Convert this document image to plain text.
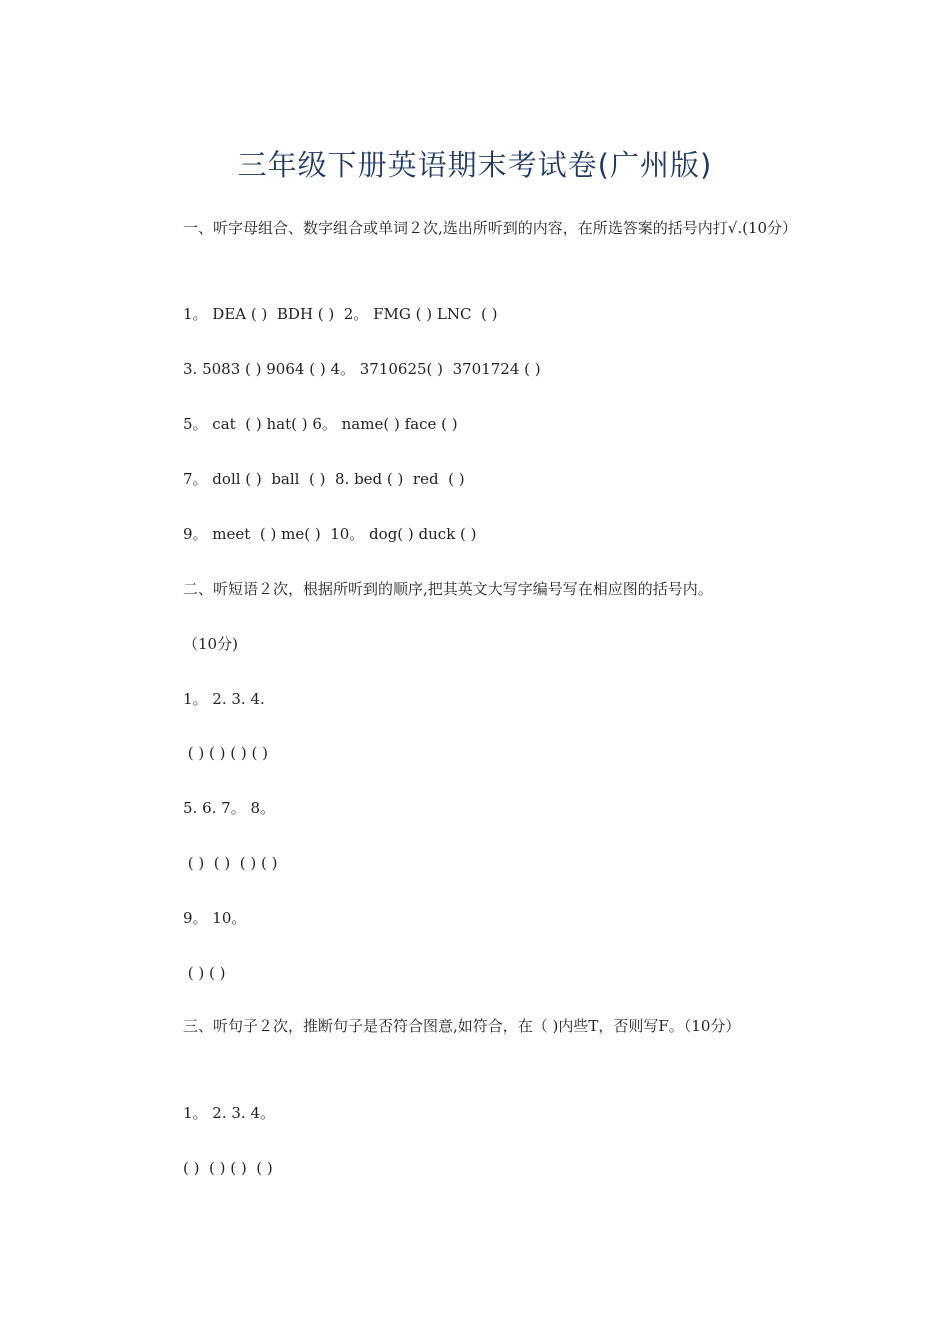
三年级下册英语期末考试卷(广州版)
一、听字母组合、数字组合或单词２次,选出所听到的内容，在所选答案的括号内打√.(10分）
1。 DEA ( )  BDH ( )  2。 FMG ( ) LNC  ( )
3. 5083 ( ) 9064 ( ) 4。 3710625( )  3701724 ( )
5。 cat  ( ) hat( ) 6。 name( ) face ( )
7。 doll ( )  ball  ( )  8. bed ( )  red  ( )
9。 meet  ( ) me( )  10。 dog( ) duck ( )
二、听短语２次，根据所听到的顺序,把其英文大写字编号写在相应图的括号内。
（10分)
1。 2. 3. 4.
( ) ( ) ( ) ( )
5. 6. 7。 8。
( )  ( )  ( ) ( )
9。 10。
( ) ( )
三、听句子２次，推断句子是否符合图意,如符合，在（ )内些T，否则写F。（10分）
1。 2. 3. 4。
( )  ( ) ( )  ( )
